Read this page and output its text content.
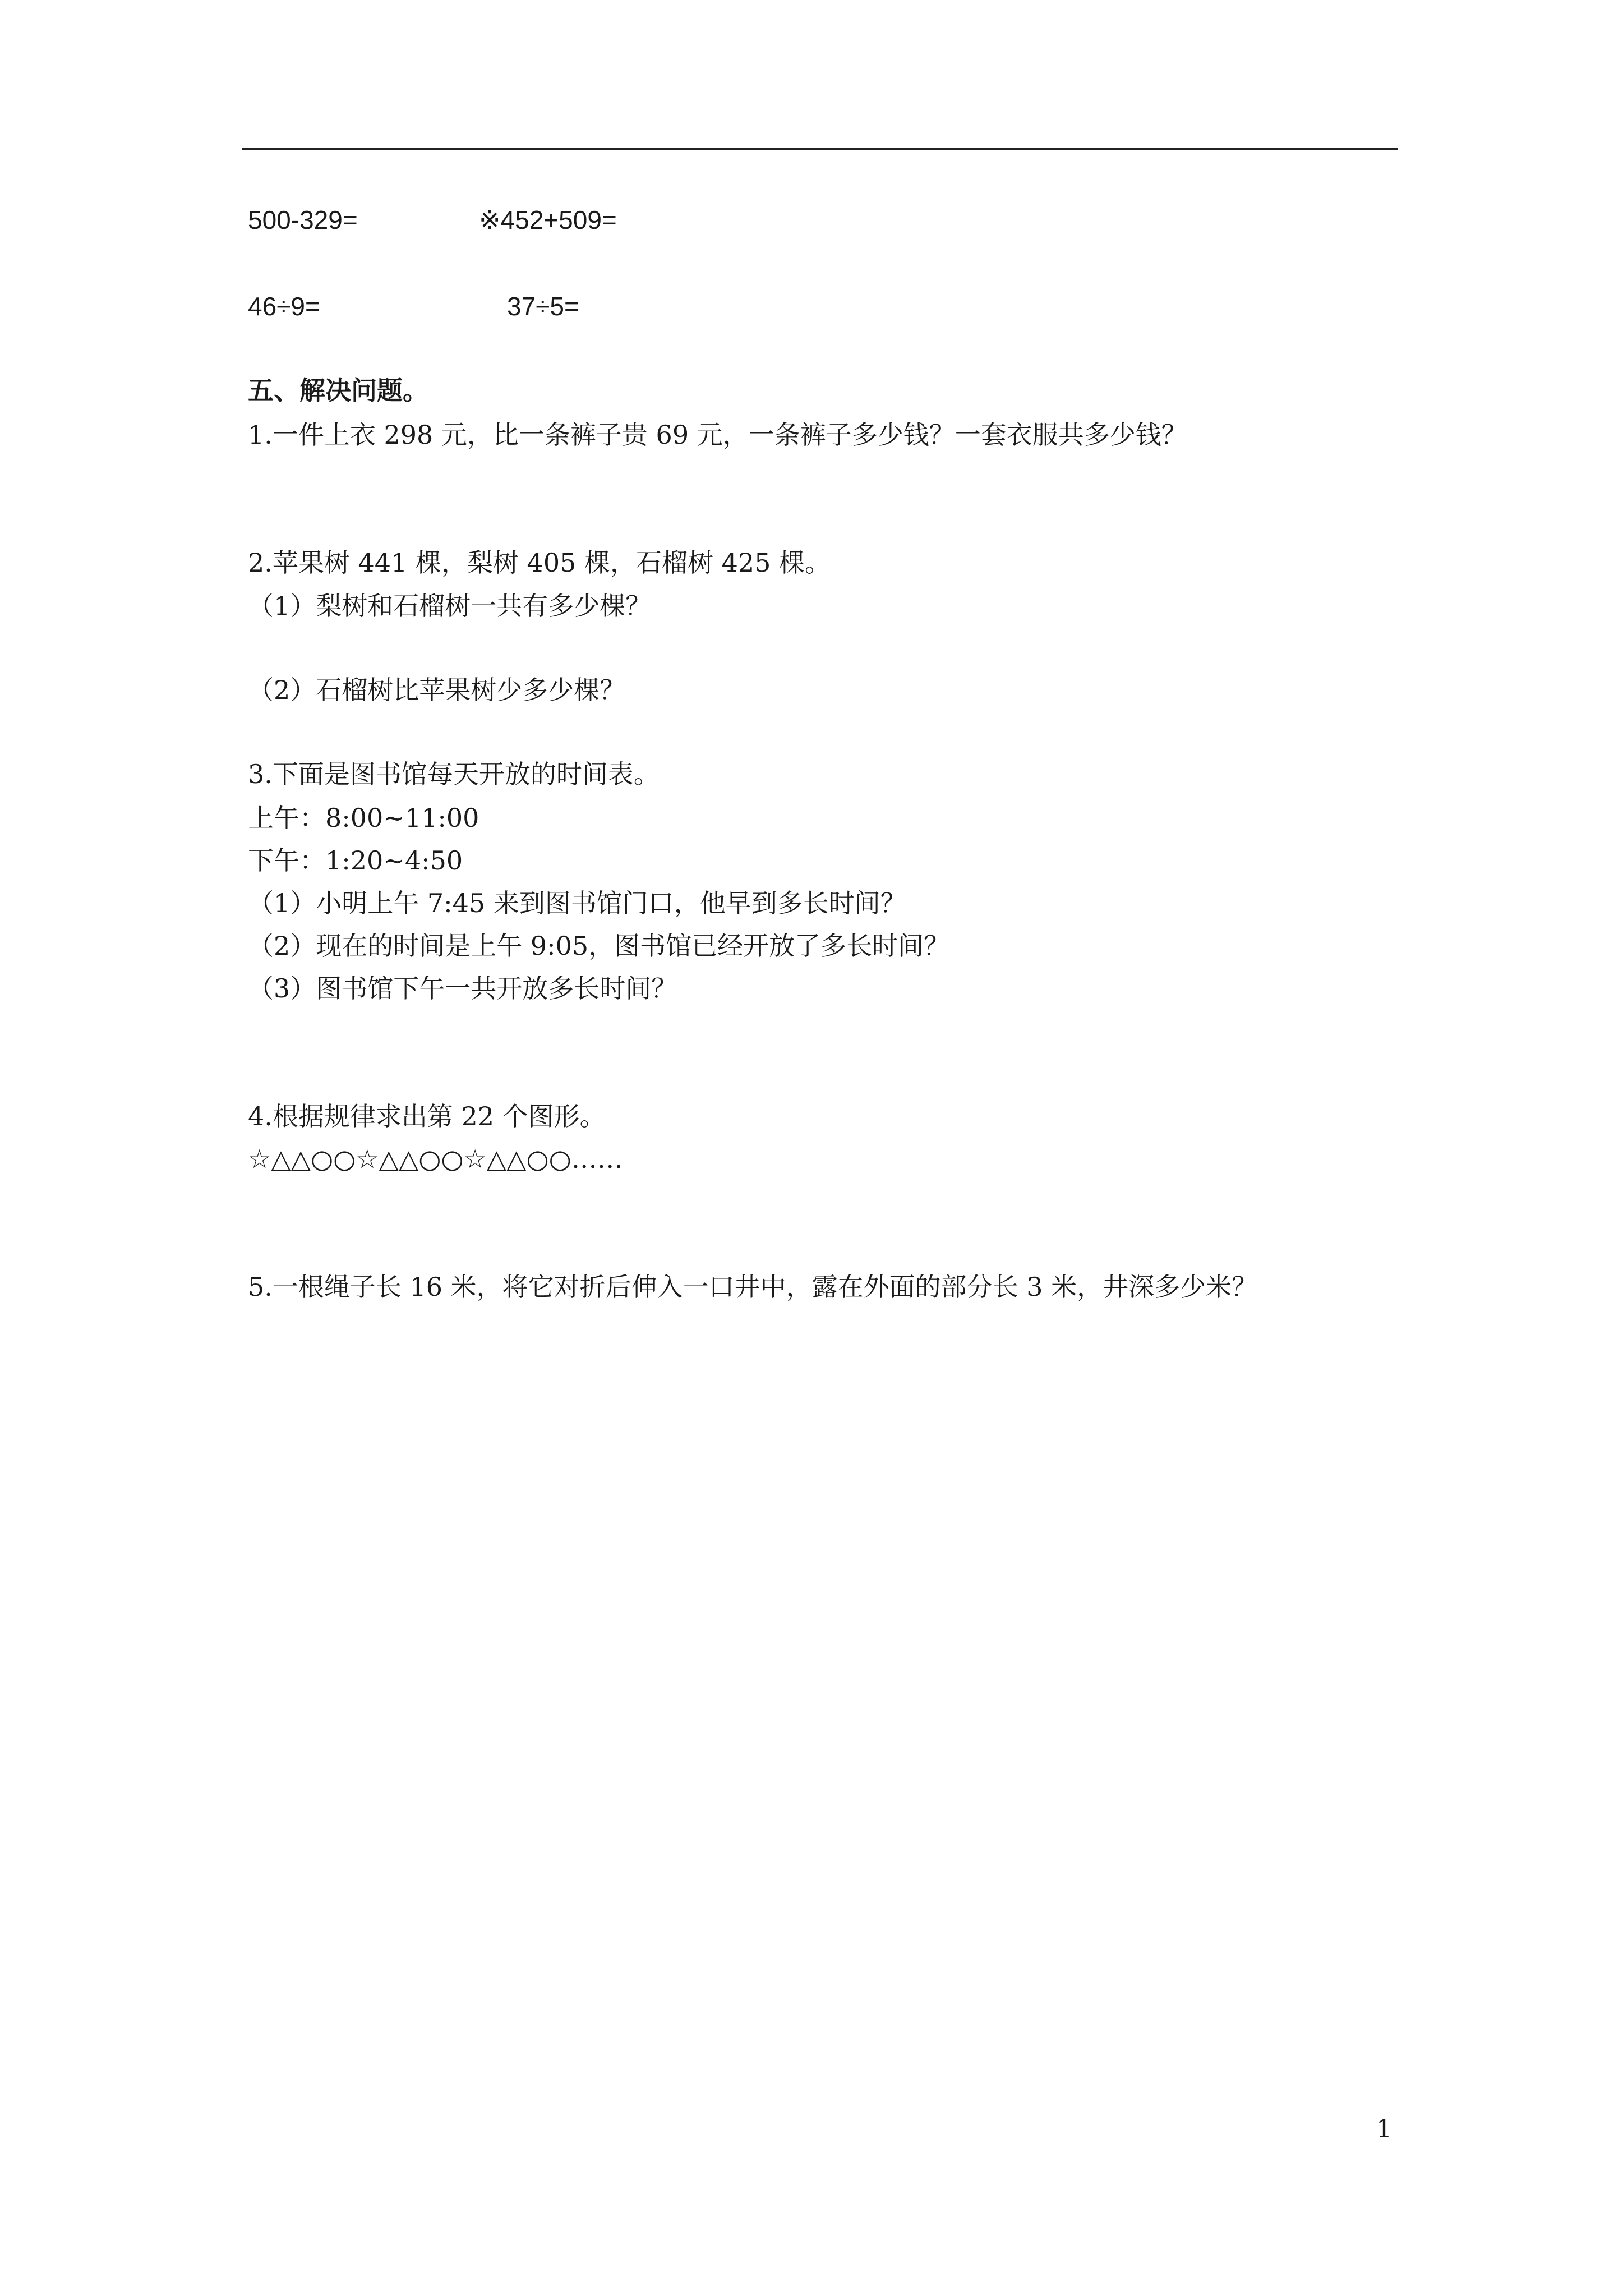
500-329=	※452+509=
46÷9=	37÷5=
五、解决问题。
1.一件上衣 298 元，比一条裤子贵 69 元，一条裤子多少钱？一套衣服共多少钱？
2.苹果树 441 棵，梨树 405 棵，石榴树 425 棵。
（1）梨树和石榴树一共有多少棵？
（2）石榴树比苹果树少多少棵？
3.下面是图书馆每天开放的时间表。
上午：8:00~11:00
下午：1:20~4:50
（1）小明上午 7:45 来到图书馆门口，他早到多长时间？
（2）现在的时间是上午 9:05，图书馆已经开放了多长时间？
（3）图书馆下午一共开放多长时间？
4.根据规律求出第 22 个图形。
☆△△○○☆△△○○☆△△○○……
5.一根绳子长 16 米，将它对折后伸入一口井中，露在外面的部分长 3 米，井深多少米？
1
